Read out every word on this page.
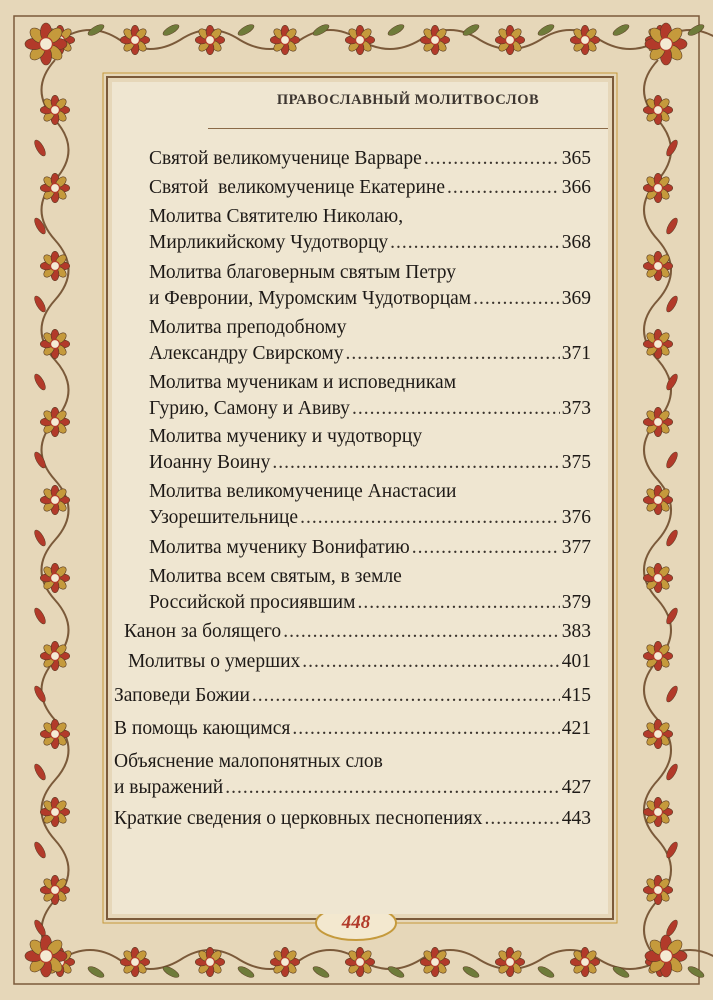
ПРАВОСЛАВНЫЙ МОЛИТВОСЛОВ
Святой великомученице Варваре .....	365
Святой  великомученице Екатерине .....	366
Молитва Святителю Николаю,
Мирликийскому Чудотворцу .....	368
Молитва благоверным святым Петру
и Февронии, Муромским Чудотворцам .....	369
Молитва преподобному
Александру Свирскому .....	371
Молитва мученикам и исповедникам
Гурию, Самону и Авиву .....	373
Молитва мученику и чудотворцу
Иоанну Воину .....	375
Молитва великомученице Анастасии
Узорешительнице .....	376
Молитва мученику Вонифатию .....	377
Молитва всем святым, в земле
Российской просиявшим .....	379
Канон за болящего .....	383
Молитвы о умерших .....	401
Заповеди Божии .....	415
В помощь кающимся .....	421
Объяснение малопонятных слов
и выражений .....	427
Краткие сведения о церковных песнопениях .....	443
448
